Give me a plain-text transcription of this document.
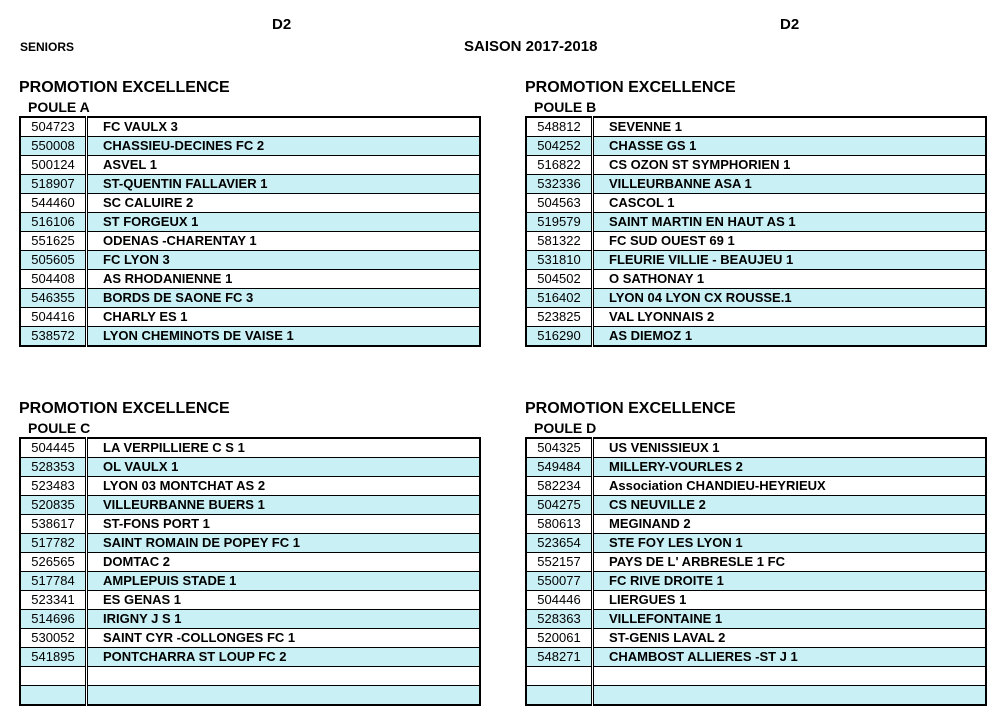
D2	D2
SENIORS	SAISON 2017-2018
PROMOTION EXCELLENCE
POULE A
504723	FC VAULX 3
550008	CHASSIEU-DECINES FC 2
500124	ASVEL 1
518907	ST-QUENTIN FALLAVIER 1
544460	SC CALUIRE 2
516106	ST FORGEUX 1
551625	ODENAS -CHARENTAY 1
505605	FC LYON 3
504408	AS RHODANIENNE 1
546355	BORDS DE SAONE FC 3
504416	CHARLY ES 1
538572	LYON CHEMINOTS DE VAISE 1
PROMOTION EXCELLENCE
POULE B
548812	SEVENNE 1
504252	CHASSE GS 1
516822	CS OZON ST SYMPHORIEN 1
532336	VILLEURBANNE ASA 1
504563	CASCOL 1
519579	SAINT MARTIN EN HAUT AS 1
581322	FC SUD OUEST 69 1
531810	FLEURIE VILLIE - BEAUJEU 1
504502	O SATHONAY 1
516402	LYON 04 LYON CX ROUSSE.1
523825	VAL LYONNAIS 2
516290	AS DIEMOZ 1
PROMOTION EXCELLENCE
POULE C
504445	LA VERPILLIERE C S 1
528353	OL VAULX 1
523483	LYON 03 MONTCHAT AS 2
520835	VILLEURBANNE BUERS 1
538617	ST-FONS PORT 1
517782	SAINT ROMAIN DE POPEY FC 1
526565	DOMTAC 2
517784	AMPLEPUIS STADE 1
523341	ES GENAS 1
514696	IRIGNY J S 1
530052	SAINT CYR -COLLONGES FC 1
541895	PONTCHARRA ST LOUP FC 2

PROMOTION EXCELLENCE
POULE D
504325	US VENISSIEUX 1
549484	MILLERY-VOURLES 2
582234	Association CHANDIEU-HEYRIEUX
504275	CS NEUVILLE 2
580613	MEGINAND 2
523654	STE FOY LES LYON 1
552157	PAYS DE L' ARBRESLE 1 FC
550077	FC RIVE DROITE 1
504446	LIERGUES 1
528363	VILLEFONTAINE 1
520061	ST-GENIS LAVAL 2
548271	CHAMBOST ALLIERES -ST J 1
